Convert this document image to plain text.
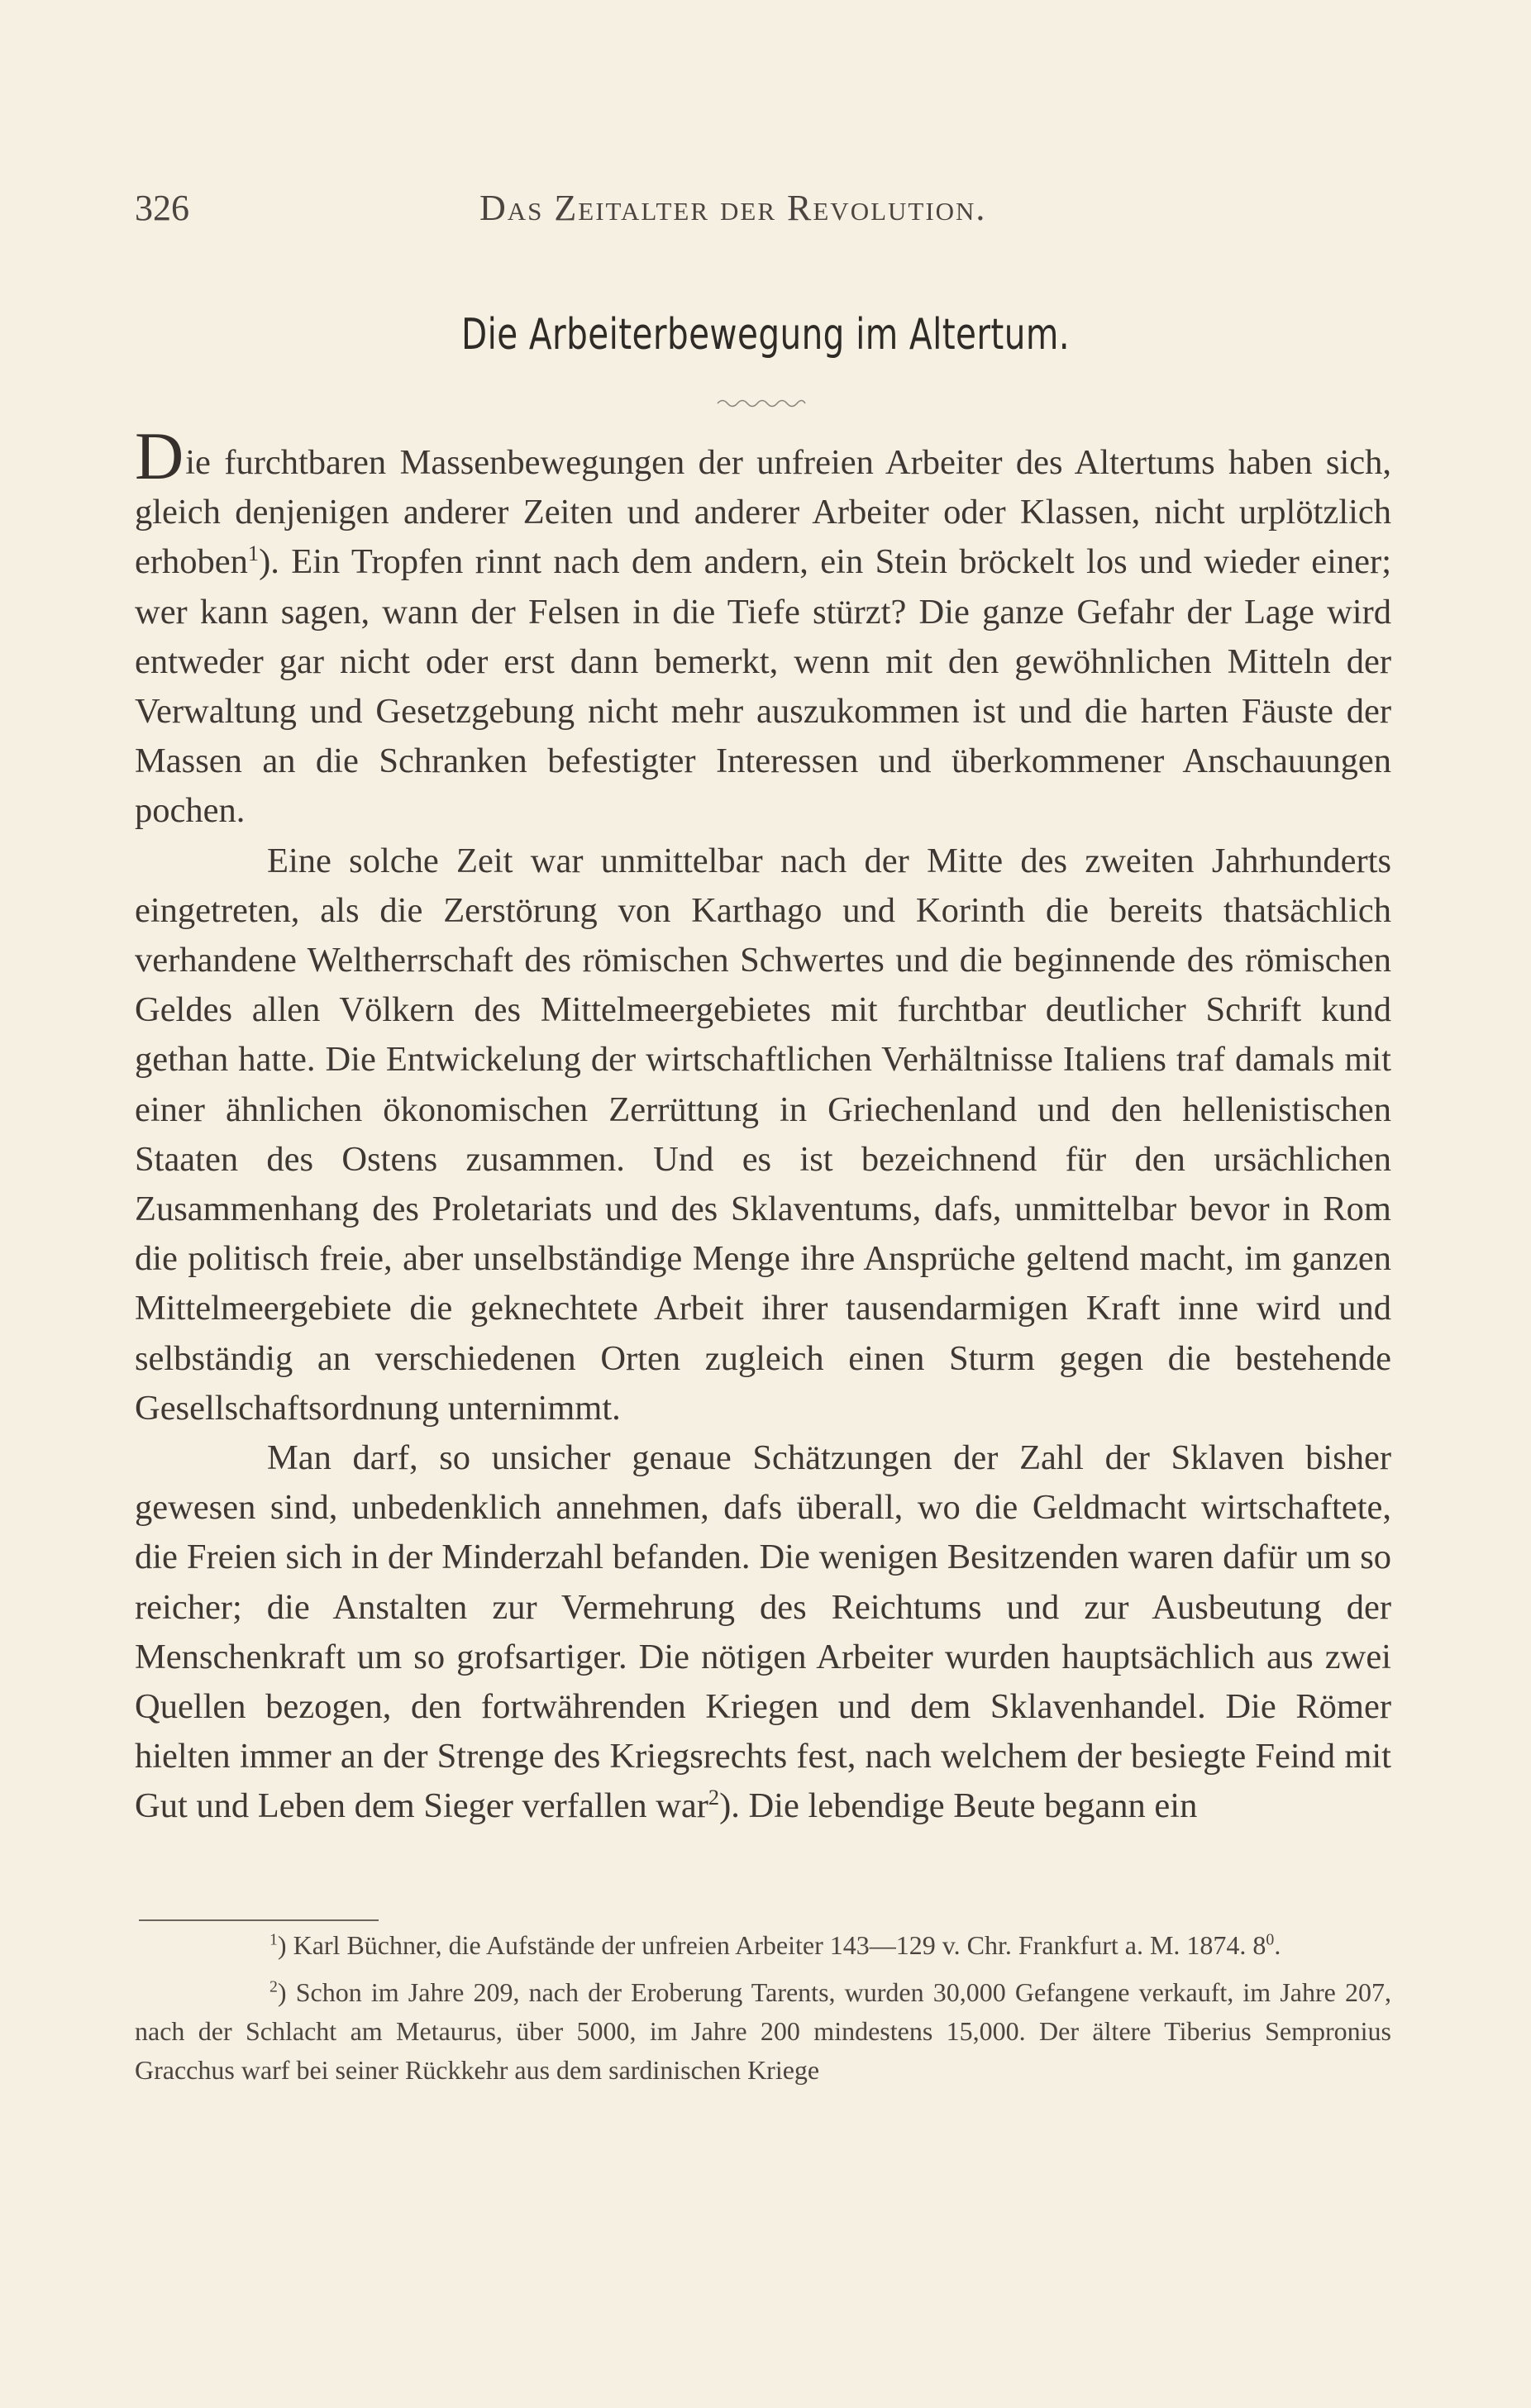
326	Das Zeitalter der Revolution.
Die Arbeiterbewegung im Altertum.

Die furchtbaren Massenbewegungen der unfreien Arbeiter des Altertums haben sich, gleich denjenigen anderer Zeiten und anderer Arbeiter oder Klassen, nicht urplötzlich erhoben$^1$). Ein Tropfen rinnt nach dem andern, ein Stein bröckelt los und wieder einer; wer kann sagen, wann der Felsen in die Tiefe stürzt? Die ganze Gefahr der Lage wird entweder gar nicht oder erst dann bemerkt, wenn mit den gewöhnlichen Mitteln der Verwaltung und Gesetzgebung nicht mehr auszukommen ist und die harten Fäuste der Massen an die Schranken befestigter Interessen und überkommener Anschauungen pochen.

Eine solche Zeit war unmittelbar nach der Mitte des zweiten Jahrhunderts eingetreten, als die Zerstörung von Karthago und Korinth die bereits thatsächlich verhandene Weltherrschaft des römischen Schwertes und die beginnende des römischen Geldes allen Völkern des Mittelmeergebietes mit furchtbar deutlicher Schrift kund gethan hatte. Die Entwickelung der wirtschaftlichen Verhältnisse Italiens traf damals mit einer ähnlichen ökonomischen Zerrüttung in Griechenland und den hellenistischen Staaten des Ostens zusammen. Und es ist bezeichnend für den ursächlichen Zusammenhang des Proletariats und des Sklaventums, dafs, unmittelbar bevor in Rom die politisch freie, aber unselbständige Menge ihre Ansprüche geltend macht, im ganzen Mittelmeergebiete die geknechtete Arbeit ihrer tausendarmigen Kraft inne wird und selbständig an verschiedenen Orten zugleich einen Sturm gegen die bestehende Gesellschaftsordnung unternimmt.

Man darf, so unsicher genaue Schätzungen der Zahl der Sklaven bisher gewesen sind, unbedenklich annehmen, dafs überall, wo die Geldmacht wirtschaftete, die Freien sich in der Minderzahl befanden. Die wenigen Besitzenden waren dafür um so reicher; die Anstalten zur Vermehrung des Reichtums und zur Ausbeutung der Menschenkraft um so grofsartiger. Die nötigen Arbeiter wurden hauptsächlich aus zwei Quellen bezogen, den fortwährenden Kriegen und dem Sklavenhandel. Die Römer hielten immer an der Strenge des Kriegsrechts fest, nach welchem der besiegte Feind mit Gut und Leben dem Sieger verfallen war$^2$). Die lebendige Beute begann ein

$^1$) Karl Büchner, die Aufstände der unfreien Arbeiter 143—129 v. Chr. Frankfurt a. M. 1874. $8^0$.

$^2$) Schon im Jahre 209, nach der Eroberung Tarents, wurden 30,000 Gefangene verkauft, im Jahre 207, nach der Schlacht am Metaurus, über 5000, im Jahre 200 mindestens 15,000. Der ältere Tiberius Sempronius Gracchus warf bei seiner Rückkehr aus dem sardinischen Kriege
